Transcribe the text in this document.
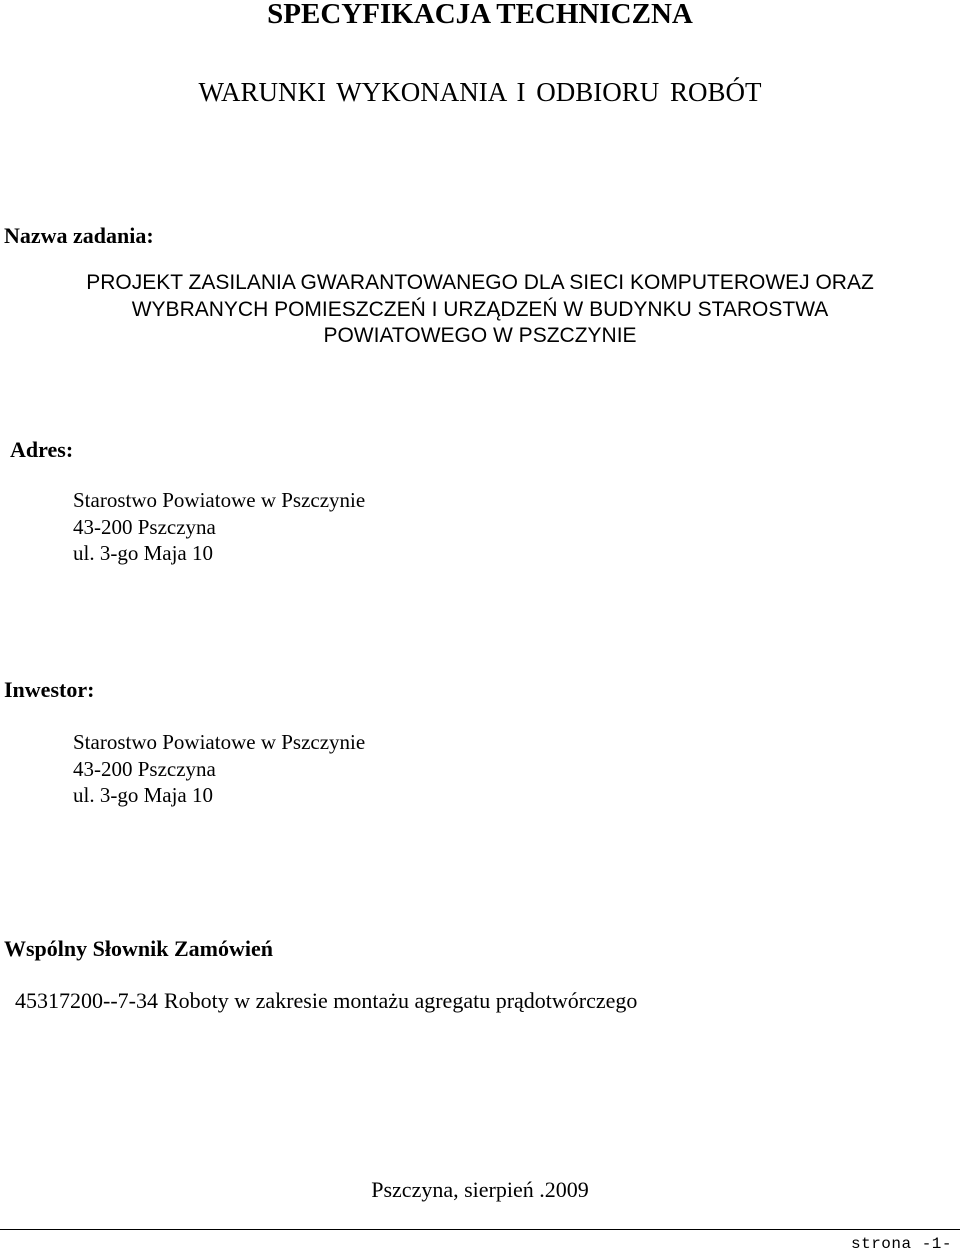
SPECYFIKACJA TECHNICZNA
WARUNKI WYKONANIA I ODBIORU ROBÓT
Nazwa zadania:
PROJEKT ZASILANIA GWARANTOWANEGO DLA SIECI KOMPUTEROWEJ ORAZ
WYBRANYCH POMIESZCZEŃ I URZĄDZEŃ W BUDYNKU STAROSTWA
POWIATOWEGO W PSZCZYNIE
Adres:
Starostwo Powiatowe w Pszczynie
43-200 Pszczyna
ul. 3-go Maja 10
Inwestor:
Starostwo Powiatowe w Pszczynie
43-200 Pszczyna
ul. 3-go Maja 10
Wspólny Słownik Zamówień
45317200--7-34 Roboty w zakresie montażu agregatu prądotwórczego
Pszczyna, sierpień .2009
strona -1-
